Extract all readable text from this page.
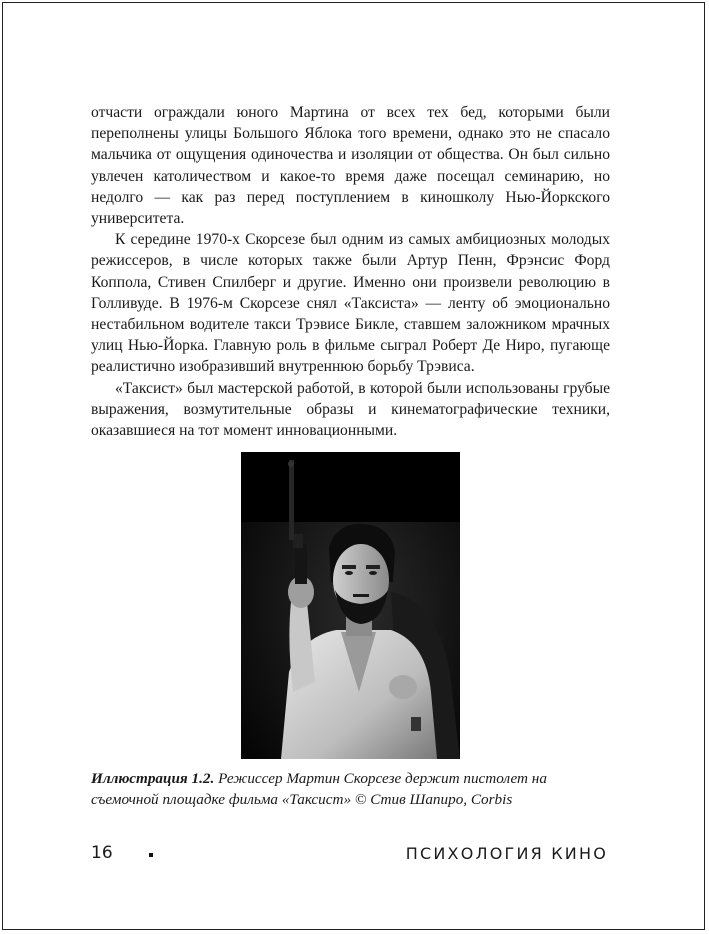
отчасти ограждали юного Мартина от всех тех бед, которыми были переполнены улицы Большого Яблока того времени, однако это не спасало мальчика от ощущения одиночества и изоляции от общества. Он был сильно увлечен католичеством и какое-то время даже посещал семинарию, но недолго — как раз перед поступлением в киношколу Нью-Йоркского университета.

К середине 1970-х Скорсезе был одним из самых амбициозных молодых режиссеров, в числе которых также были Артур Пенн, Фрэнсис Форд Коппола, Стивен Спилберг и другие. Именно они произвели революцию в Голливуде. В 1976-м Скорсезе снял «Таксиста» — ленту об эмоционально нестабильном водителе такси Трэвисе Бикле, ставшем заложником мрачных улиц Нью-Йорка. Главную роль в фильме сыграл Роберт Де Ниро, пугающе реалистично изобразивший внутреннюю борьбу Трэвиса.

«Таксист» был мастерской работой, в которой были использованы грубые выражения, возмутительные образы и кинематографические техники, оказавшиеся на тот момент инновационными.

Иллюстрация 1.2. Режиссер Мартин Скорсезе держит пистолет на съемочной площадке фильма «Таксист» © Стив Шапиро, Corbis
16	ПСИХОЛОГИЯ КИНО
